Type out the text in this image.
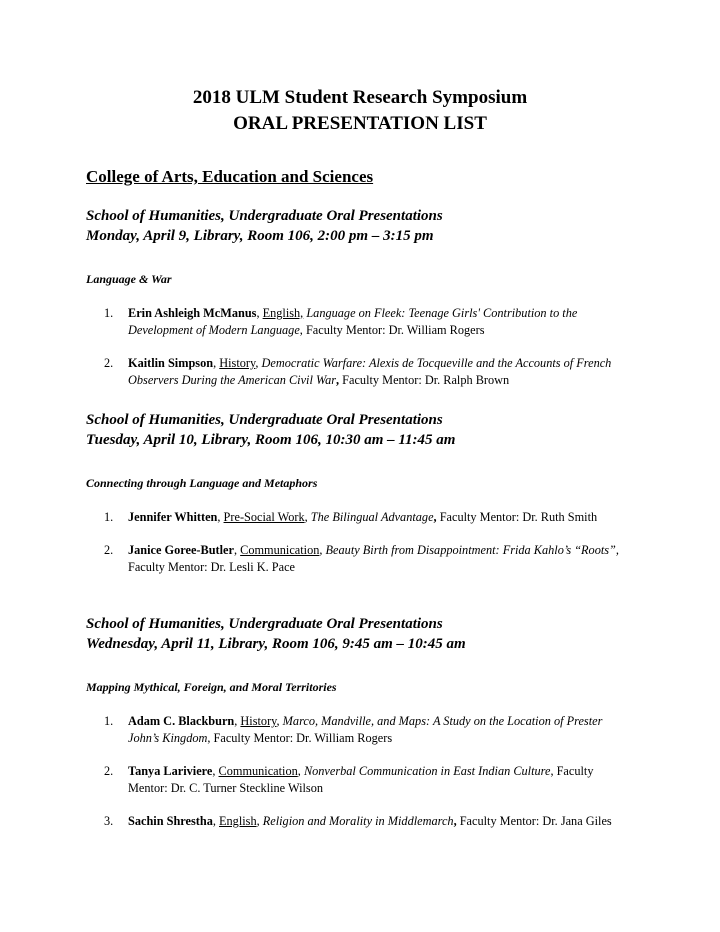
2018 ULM Student Research Symposium
ORAL PRESENTATION LIST
College of Arts, Education and Sciences
School of Humanities, Undergraduate Oral Presentations
Monday, April 9, Library, Room 106, 2:00 pm – 3:15 pm
Language & War
1. Erin Ashleigh McManus, English, Language on Fleek: Teenage Girls' Contribution to the Development of Modern Language, Faculty Mentor: Dr. William Rogers
2. Kaitlin Simpson, History, Democratic Warfare: Alexis de Tocqueville and the Accounts of French Observers During the American Civil War, Faculty Mentor: Dr. Ralph Brown
School of Humanities, Undergraduate Oral Presentations
Tuesday, April 10, Library, Room 106, 10:30 am – 11:45 am
Connecting through Language and Metaphors
1. Jennifer Whitten, Pre-Social Work, The Bilingual Advantage, Faculty Mentor: Dr. Ruth Smith
2. Janice Goree-Butler, Communication, Beauty Birth from Disappointment: Frida Kahlo’s “Roots”, Faculty Mentor: Dr. Lesli K. Pace
School of Humanities, Undergraduate Oral Presentations
Wednesday, April 11, Library, Room 106, 9:45 am – 10:45 am
Mapping Mythical, Foreign, and Moral Territories
1. Adam C. Blackburn, History, Marco, Mandville, and Maps: A Study on the Location of Prester John’s Kingdom, Faculty Mentor: Dr. William Rogers
2. Tanya Lariviere, Communication, Nonverbal Communication in East Indian Culture, Faculty Mentor: Dr. C. Turner Steckline Wilson
3. Sachin Shrestha, English, Religion and Morality in Middlemarch, Faculty Mentor: Dr. Jana Giles
